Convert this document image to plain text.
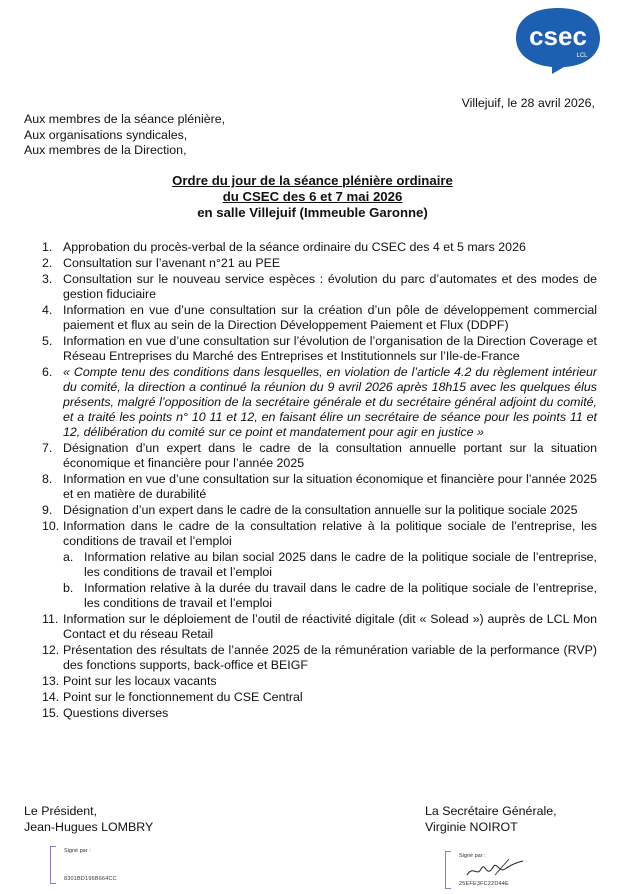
csec
LCL
Villejuif, le 28 avril 2026,
Aux membres de la séance plénière,
Aux organisations syndicales,
Aux membres de la Direction,
Ordre du jour de la séance plénière ordinaire
du CSEC des 6 et 7 mai 2026
en salle Villejuif (Immeuble Garonne)
1. Approbation du procès-verbal de la séance ordinaire du CSEC des 4 et 5 mars 2026
2. Consultation sur l’avenant n°21 au PEE
3. Consultation sur le nouveau service espèces : évolution du parc d’automates et des modes de gestion fiduciaire
4. Information en vue d’une consultation sur la création d’un pôle de développement commercial paiement et flux au sein de la Direction Développement Paiement et Flux (DDPF)
5. Information en vue d’une consultation sur l’évolution de l’organisation de la Direction Coverage et Réseau Entreprises du Marché des Entreprises et Institutionnels sur l’Ile-de-France
6. « Compte tenu des conditions dans lesquelles, en violation de l’article 4.2 du règlement intérieur du comité, la direction a continué la réunion du 9 avril 2026 après 18h15 avec les quelques élus présents, malgré l’opposition de la secrétaire générale et du secrétaire général adjoint du comité, et a traité les points n° 10 11 et 12, en faisant élire un secrétaire de séance pour les points 11 et 12, délibération du comité sur ce point et mandatement pour agir en justice »
7. Désignation d’un expert dans le cadre de la consultation annuelle portant sur la situation économique et financière pour l’année 2025
8. Information en vue d’une consultation sur la situation économique et financière pour l’année 2025 et en matière de durabilité
9. Désignation d’un expert dans le cadre de la consultation annuelle sur la politique sociale 2025
10. Information dans le cadre de la consultation relative à la politique sociale de l’entreprise, les conditions de travail et l’emploi
a. Information relative au bilan social 2025 dans le cadre de la politique sociale de l’entreprise, les conditions de travail et l’emploi
b. Information relative à la durée du travail dans le cadre de la politique sociale de l’entreprise, les conditions de travail et l’emploi
11. Information sur le déploiement de l’outil de réactivité digitale (dit « Solead ») auprès de LCL Mon Contact et du réseau Retail
12. Présentation des résultats de l’année 2025 de la rémunération variable de la performance (RVP) des fonctions supports, back-office et BEIGF
13. Point sur les locaux vacants
14. Point sur le fonctionnement du CSE Central
15. Questions diverses
Le Président,
Jean-Hugues LOMBRY
La Secrétaire Générale,
Virginie NOIROT
Signé par :
8301BD196B664CC
Signé par :
25EFE3FC22D44E
